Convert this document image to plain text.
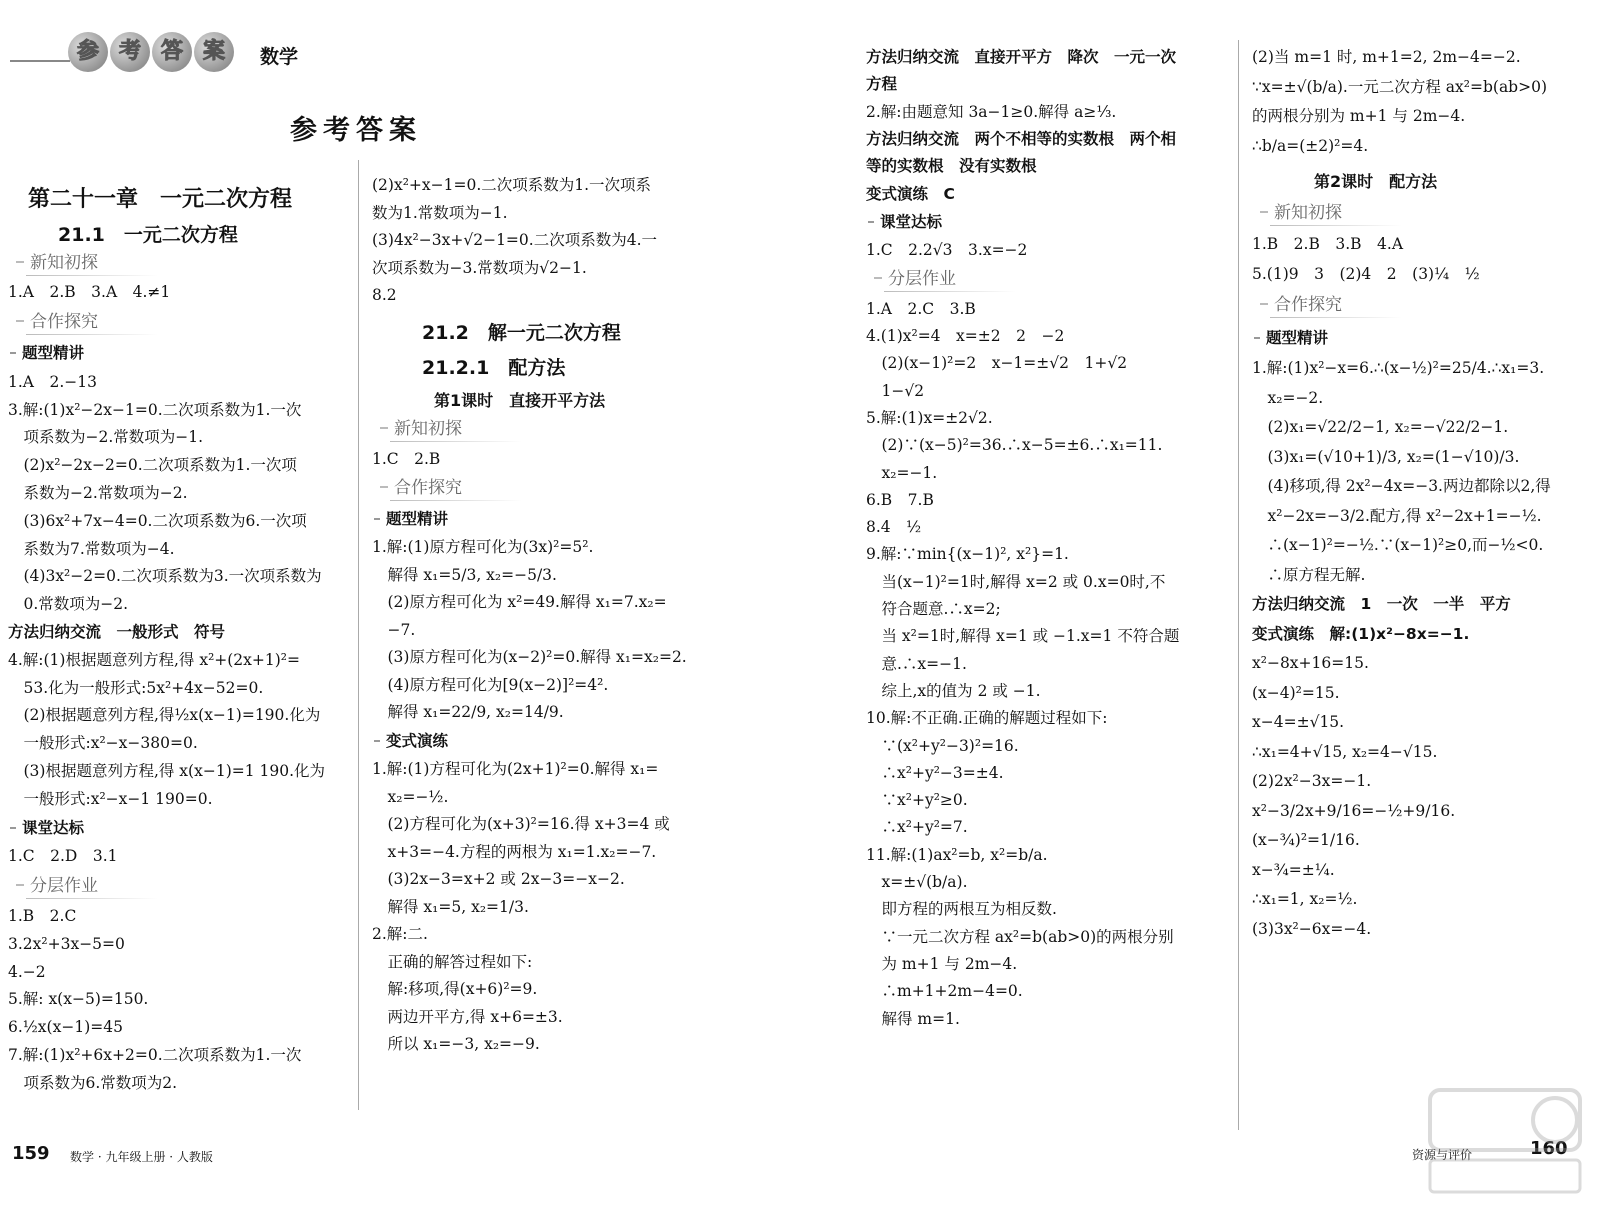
参 考 答 案	数学
参考答案
第二十一章　一元二次方程
21.1　一元二次方程
新知初探
1.A　2.B　3.A　4.≠1
合作探究
题型精讲
1.A　2.−13
3.解:(1)x²−2x−1=0.二次项系数为1.一次
　项系数为−2.常数项为−1.
　(2)x²−2x−2=0.二次项系数为1.一次项
　系数为−2.常数项为−2.
　(3)6x²+7x−4=0.二次项系数为6.一次项
　系数为7.常数项为−4.
　(4)3x²−2=0.二次项系数为3.一次项系数为
　0.常数项为−2.
方法归纳交流　一般形式　符号
4.解:(1)根据题意列方程,得 x²+(2x+1)²=
　53.化为一般形式:5x²+4x−52=0.
　(2)根据题意列方程,得½x(x−1)=190.化为
　一般形式:x²−x−380=0.
　(3)根据题意列方程,得 x(x−1)=1 190.化为
　一般形式:x²−x−1 190=0.
课堂达标
1.C　2.D　3.1
分层作业
1.B　2.C
3.2x²+3x−5=0
4.−2
5.解: x(x−5)=150.
6.½x(x−1)=45
7.解:(1)x²+6x+2=0.二次项系数为1.一次
　项系数为6.常数项为2.
(2)x²+x−1=0.二次项系数为1.一次项系
数为1.常数项为−1.
(3)4x²−3x+√2−1=0.二次项系数为4.一
次项系数为−3.常数项为√2−1.
8.2
21.2　解一元二次方程
21.2.1　配方法
第1课时　直接开平方法
新知初探
1.C　2.B
合作探究
题型精讲
1.解:(1)原方程可化为(3x)²=5².
　解得 x₁=5/3, x₂=−5/3.
　(2)原方程可化为 x²=49.解得 x₁=7.x₂=
　−7.
　(3)原方程可化为(x−2)²=0.解得 x₁=x₂=2.
　(4)原方程可化为[9(x−2)]²=4².
　解得 x₁=22/9, x₂=14/9.
变式演练
1.解:(1)方程可化为(2x+1)²=0.解得 x₁=
　x₂=−½.
　(2)方程可化为(x+3)²=16.得 x+3=4 或
　x+3=−4.方程的两根为 x₁=1.x₂=−7.
　(3)2x−3=x+2 或 2x−3=−x−2.
　解得 x₁=5, x₂=1/3.
2.解:二.
　正确的解答过程如下:
　解:移项,得(x+6)²=9.
　两边开平方,得 x+6=±3.
　所以 x₁=−3, x₂=−9.
方法归纳交流　直接开平方　降次　一元一次
方程
2.解:由题意知 3a−1≥0.解得 a≥⅓.
方法归纳交流　两个不相等的实数根　两个相
等的实数根　没有实数根
变式演练　C
课堂达标
1.C　2.2√3　3.x=−2
分层作业
1.A　2.C　3.B
4.(1)x²=4　x=±2　2　−2
　(2)(x−1)²=2　x−1=±√2　1+√2
　1−√2
5.解:(1)x=±2√2.
　(2)∵(x−5)²=36.∴x−5=±6.∴x₁=11.
　x₂=−1.
6.B　7.B
8.4　½
9.解:∵min{(x−1)², x²}=1.
　当(x−1)²=1时,解得 x=2 或 0.x=0时,不
　符合题意.∴x=2;
　当 x²=1时,解得 x=1 或 −1.x=1 不符合题
　意.∴x=−1.
　综上,x的值为 2 或 −1.
10.解:不正确.正确的解题过程如下:
　∵(x²+y²−3)²=16.
　∴x²+y²−3=±4.
　∵x²+y²≥0.
　∴x²+y²=7.
11.解:(1)ax²=b, x²=b/a.
　x=±√(b/a).
　即方程的两根互为相反数.
　∵一元二次方程 ax²=b(ab>0)的两根分别
　为 m+1 与 2m−4.
　∴m+1+2m−4=0.
　解得 m=1.
(2)当 m=1 时, m+1=2, 2m−4=−2.
∵x=±√(b/a).一元二次方程 ax²=b(ab>0)
的两根分别为 m+1 与 2m−4.
∴b/a=(±2)²=4.
第2课时　配方法
新知初探
1.B　2.B　3.B　4.A
5.(1)9　3　(2)4　2　(3)¼　½
合作探究
题型精讲
1.解:(1)x²−x=6.∴(x−½)²=25/4.∴x₁=3.
　x₂=−2.
　(2)x₁=√22/2−1, x₂=−√22/2−1.
　(3)x₁=(√10+1)/3, x₂=(1−√10)/3.
　(4)移项,得 2x²−4x=−3.两边都除以2,得
　x²−2x=−3/2.配方,得 x²−2x+1=−½.
　∴(x−1)²=−½.∵(x−1)²≥0,而−½<0.
　∴原方程无解.
方法归纳交流　1　一次　一半　平方
变式演练　解:(1)x²−8x=−1.
x²−8x+16=15.
(x−4)²=15.
x−4=±√15.
∴x₁=4+√15, x₂=4−√15.
(2)2x²−3x=−1.
x²−3/2x+9/16=−½+9/16.
(x−¾)²=1/16.
x−¾=±¼.
∴x₁=1, x₂=½.
(3)3x²−6x=−4.
159 数学 · 九年级上册 · 人教版	资源与评价	160
